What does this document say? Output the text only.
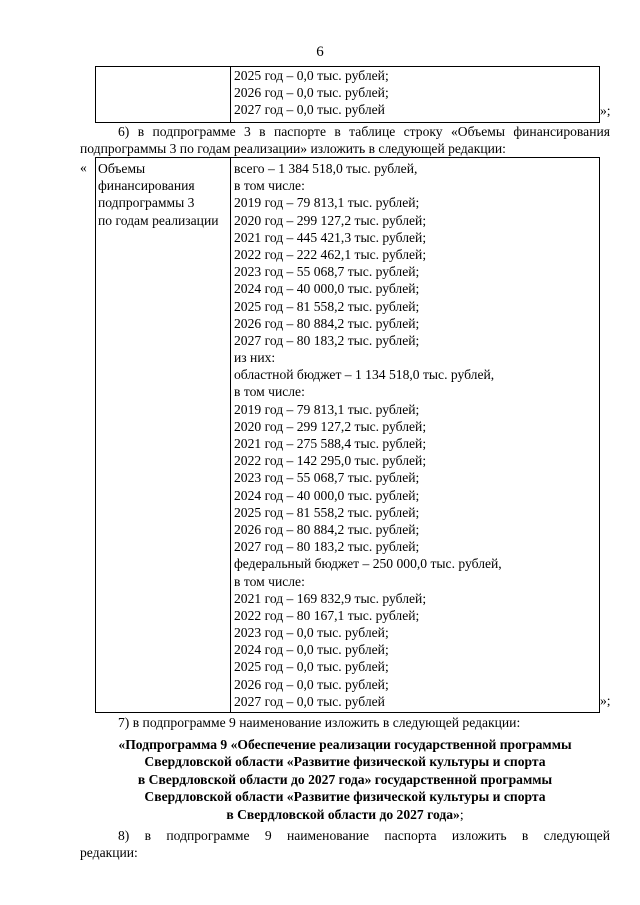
6
2025 год – 0,0 тыс. рублей;
2026 год – 0,0 тыс. рублей;
2027 год – 0,0 тыс. рублей	»;
6) в подпрограмме 3 в паспорте в таблице строку «Объемы финансирования подпрограммы 3 по годам реализации» изложить в следующей редакции:
« Объемы
финансирования
подпрограммы 3
по годам реализации
всего – 1 384 518,0 тыс. рублей,
в том числе:
2019 год – 79 813,1 тыс. рублей;
2020 год – 299 127,2 тыс. рублей;
2021 год – 445 421,3 тыс. рублей;
2022 год – 222 462,1 тыс. рублей;
2023 год – 55 068,7 тыс. рублей;
2024 год – 40 000,0 тыс. рублей;
2025 год – 81 558,2 тыс. рублей;
2026 год – 80 884,2 тыс. рублей;
2027 год – 80 183,2 тыс. рублей;
из них:
областной бюджет – 1 134 518,0 тыс. рублей,
в том числе:
2019 год – 79 813,1 тыс. рублей;
2020 год – 299 127,2 тыс. рублей;
2021 год – 275 588,4 тыс. рублей;
2022 год – 142 295,0 тыс. рублей;
2023 год – 55 068,7 тыс. рублей;
2024 год – 40 000,0 тыс. рублей;
2025 год – 81 558,2 тыс. рублей;
2026 год – 80 884,2 тыс. рублей;
2027 год – 80 183,2 тыс. рублей;
федеральный бюджет – 250 000,0 тыс. рублей,
в том числе:
2021 год – 169 832,9 тыс. рублей;
2022 год – 80 167,1 тыс. рублей;
2023 год – 0,0 тыс. рублей;
2024 год – 0,0 тыс. рублей;
2025 год – 0,0 тыс. рублей;
2026 год – 0,0 тыс. рублей;
2027 год – 0,0 тыс. рублей	»;
7) в подпрограмме 9 наименование изложить в следующей редакции:
«Подпрограмма 9 «Обеспечение реализации государственной программы
Свердловской области «Развитие физической культуры и спорта
в Свердловской области до 2027 года» государственной программы
Свердловской области «Развитие физической культуры и спорта
в Свердловской области до 2027 года»;
8) в подпрограмме 9 наименование паспорта изложить в следующей редакции:
